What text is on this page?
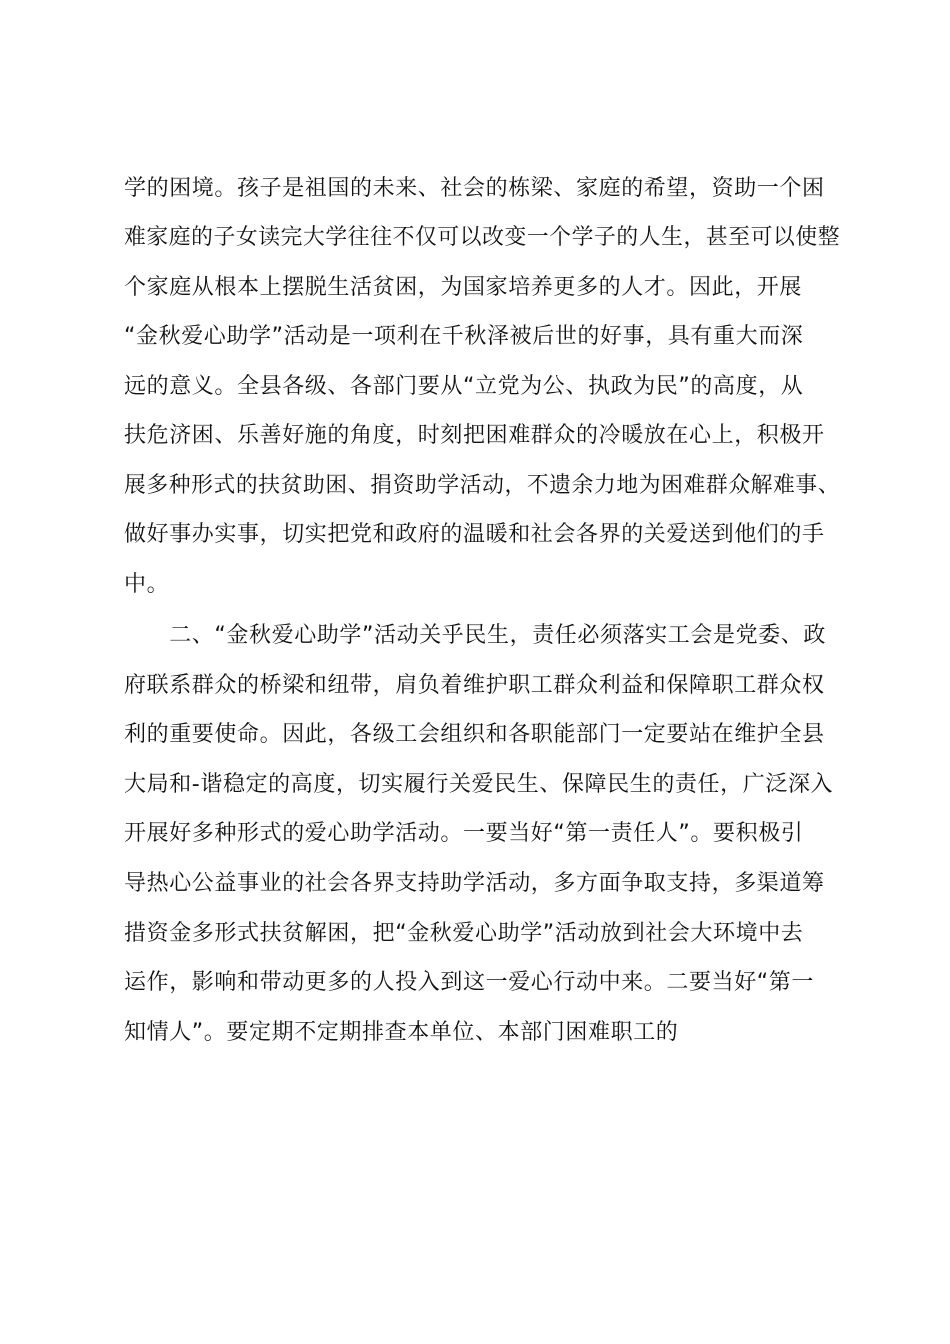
学的困境。孩子是祖国的未来、社会的栋梁、家庭的希望，资助一个困
难家庭的子女读完大学往往不仅可以改变一个学子的人生，甚至可以使整
个家庭从根本上摆脱生活贫困，为国家培养更多的人才。因此，开展
“金秋爱心助学”活动是一项利在千秋泽被后世的好事，具有重大而深
远的意义。全县各级、各部门要从“立党为公、执政为民”的高度，从
扶危济困、乐善好施的角度，时刻把困难群众的冷暖放在心上，积极开
展多种形式的扶贫助困、捐资助学活动，不遗余力地为困难群众解难事、
做好事办实事，切实把党和政府的温暖和社会各界的关爱送到他们的手
中。
　　二、“金秋爱心助学”活动关乎民生，责任必须落实工会是党委、政
府联系群众的桥梁和纽带，肩负着维护职工群众利益和保障职工群众权
利的重要使命。因此，各级工会组织和各职能部门一定要站在维护全县
大局和-谐稳定的高度，切实履行关爱民生、保障民生的责任，广泛深入
开展好多种形式的爱心助学活动。一要当好“第一责任人”。要积极引
导热心公益事业的社会各界支持助学活动，多方面争取支持，多渠道筹
措资金多形式扶贫解困，把“金秋爱心助学”活动放到社会大环境中去
运作，影响和带动更多的人投入到这一爱心行动中来。二要当好“第一
知情人”。要定期不定期排查本单位、本部门困难职工的
